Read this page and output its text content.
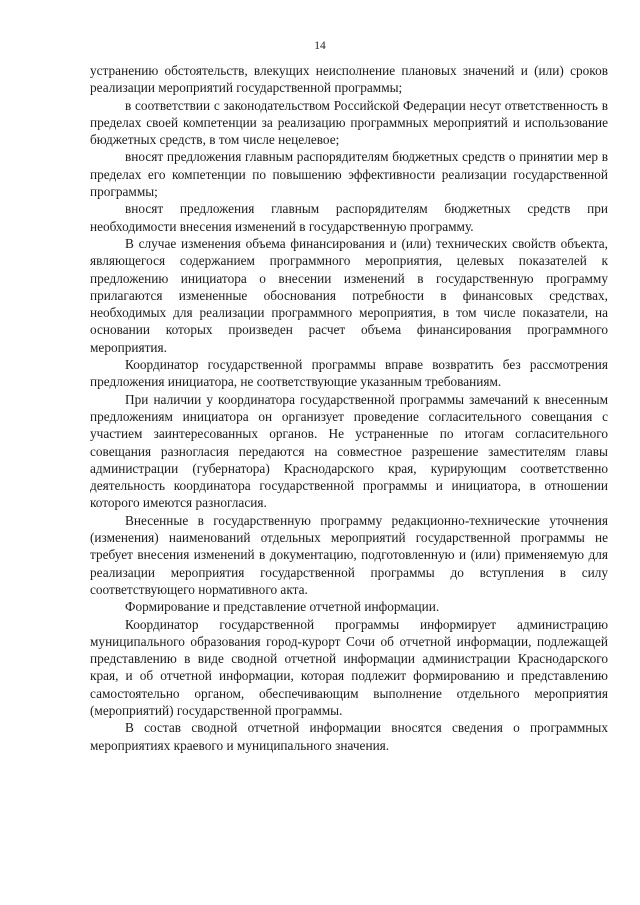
14

устранению обстоятельств, влекущих неисполнение плановых значений и (или) сроков реализации мероприятий государственной программы;

в соответствии с законодательством Российской Федерации несут ответственность в пределах своей компетенции за реализацию программных мероприятий и использование бюджетных средств, в том числе нецелевое;

вносят предложения главным распорядителям бюджетных средств о принятии мер в пределах его компетенции по повышению эффективности реализации государственной программы;

вносят предложения главным распорядителям бюджетных средств при необходимости внесения изменений в государственную программу.

В случае изменения объема финансирования и (или) технических свойств объекта, являющегося содержанием программного мероприятия, целевых показателей к предложению инициатора о внесении изменений в государственную программу прилагаются измененные обоснования потребности в финансовых средствах, необходимых для реализации программного мероприятия, в том числе показатели, на основании которых произведен расчет объема финансирования программного мероприятия.

Координатор государственной программы вправе возвратить без рассмотрения предложения инициатора, не соответствующие указанным требованиям.

При наличии у координатора государственной программы замечаний к внесенным предложениям инициатора он организует проведение согласительного совещания с участием заинтересованных органов. Не устраненные по итогам согласительного совещания разногласия передаются на совместное разрешение заместителям главы администрации (губернатора) Краснодарского края, курирующим соответственно деятельность координатора государственной программы и инициатора, в отношении которого имеются разногласия.

Внесенные в государственную программу редакционно-технические уточнения (изменения) наименований отдельных мероприятий государственной программы не требует внесения изменений в документацию, подготовленную и (или) применяемую для реализации мероприятия государственной программы до вступления в силу соответствующего нормативного акта.

Формирование и представление отчетной информации.

Координатор государственной программы информирует администрацию муниципального образования город-курорт Сочи об отчетной информации, подлежащей представлению в виде сводной отчетной информации администрации Краснодарского края, и об отчетной информации, которая подлежит формированию и представлению самостоятельно органом, обеспечивающим выполнение отдельного мероприятия (мероприятий) государственной программы.

В состав сводной отчетной информации вносятся сведения о программных мероприятиях краевого и муниципального значения.
